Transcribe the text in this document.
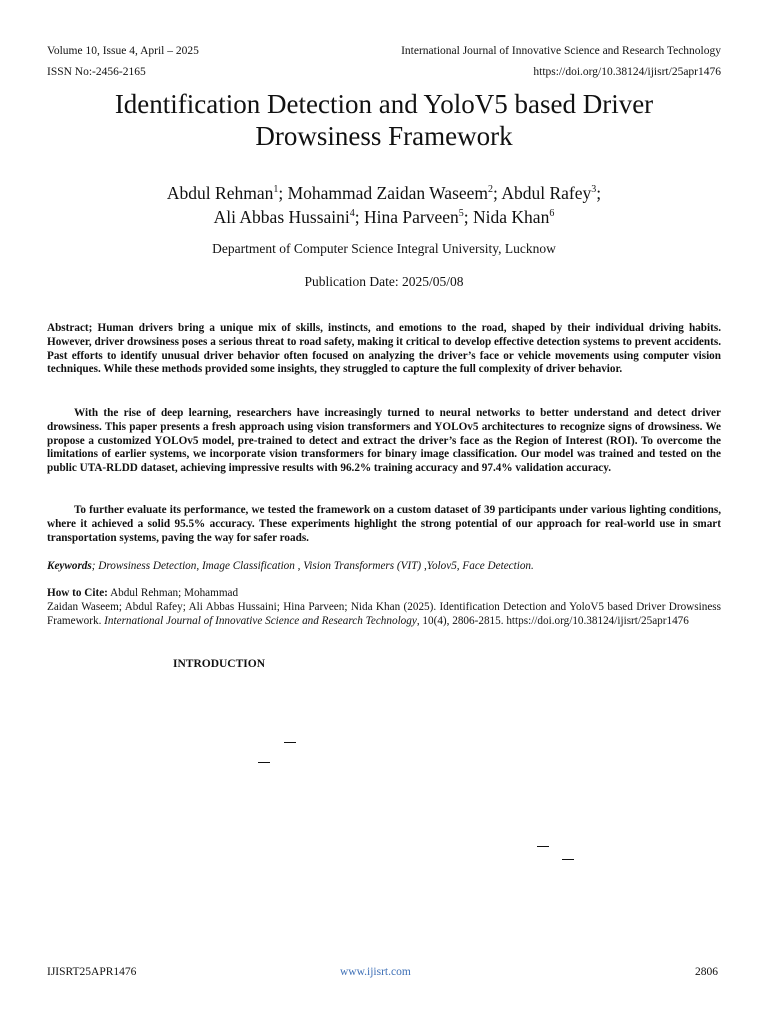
Volume 10, Issue 4, April – 2025	International Journal of Innovative Science and Research Technology
ISSN No:-2456-2165	https://doi.org/10.38124/ijisrt/25apr1476
Identification Detection and YoloV5 based Driver
Drowsiness Framework
Abdul Rehman$^1$; Mohammad Zaidan Waseem$^2$; Abdul Rafey$^3$;
Ali Abbas Hussaini$^4$; Hina Parveen$^5$; Nida Khan$^6$
Department of Computer Science Integral University, Lucknow
Publication Date: 2025/05/08
Abstract; Human drivers bring a unique mix of skills, instincts, and emotions to the road, shaped by their individual driving habits. However, driver drowsiness poses a serious threat to road safety, making it critical to develop effective detection systems to prevent accidents. Past efforts to identify unusual driver behavior often focused on analyzing the driver’s face or vehicle movements using computer vision techniques. While these methods provided some insights, they struggled to capture the full complexity of driver behavior.
With the rise of deep learning, researchers have increasingly turned to neural networks to better understand and detect driver drowsiness. This paper presents a fresh approach using vision transformers and YOLOv5 architectures to recognize signs of drowsiness. We propose a customized YOLOv5 model, pre-trained to detect and extract the driver’s face as the Region of Interest (ROI). To overcome the limitations of earlier systems, we incorporate vision transformers for binary image classification. Our model was trained and tested on the public UTA-RLDD dataset, achieving impressive results with 96.2% training accuracy and 97.4% validation accuracy.
To further evaluate its performance, we tested the framework on a custom dataset of 39 participants under various lighting conditions, where it achieved a solid 95.5% accuracy. These experiments highlight the strong potential of our approach for real-world use in smart transportation systems, paving the way for safer roads.
Keywords; Drowsiness Detection, Image Classification , Vision Transformers (VIT) ,Yolov5, Face Detection.
How to Cite: Abdul Rehman; Mohammad
Zaidan Waseem; Abdul Rafey; Ali Abbas Hussaini; Hina Parveen; Nida Khan (2025). Identification Detection and YoloV5 based Driver Drowsiness Framework. International Journal of Innovative Science and Research Technology, 10(4), 2806-2815. https://doi.org/10.38124/ijisrt/25apr1476
INTRODUCTION
IJISRT25APR1476	www.ijisrt.com	2806
